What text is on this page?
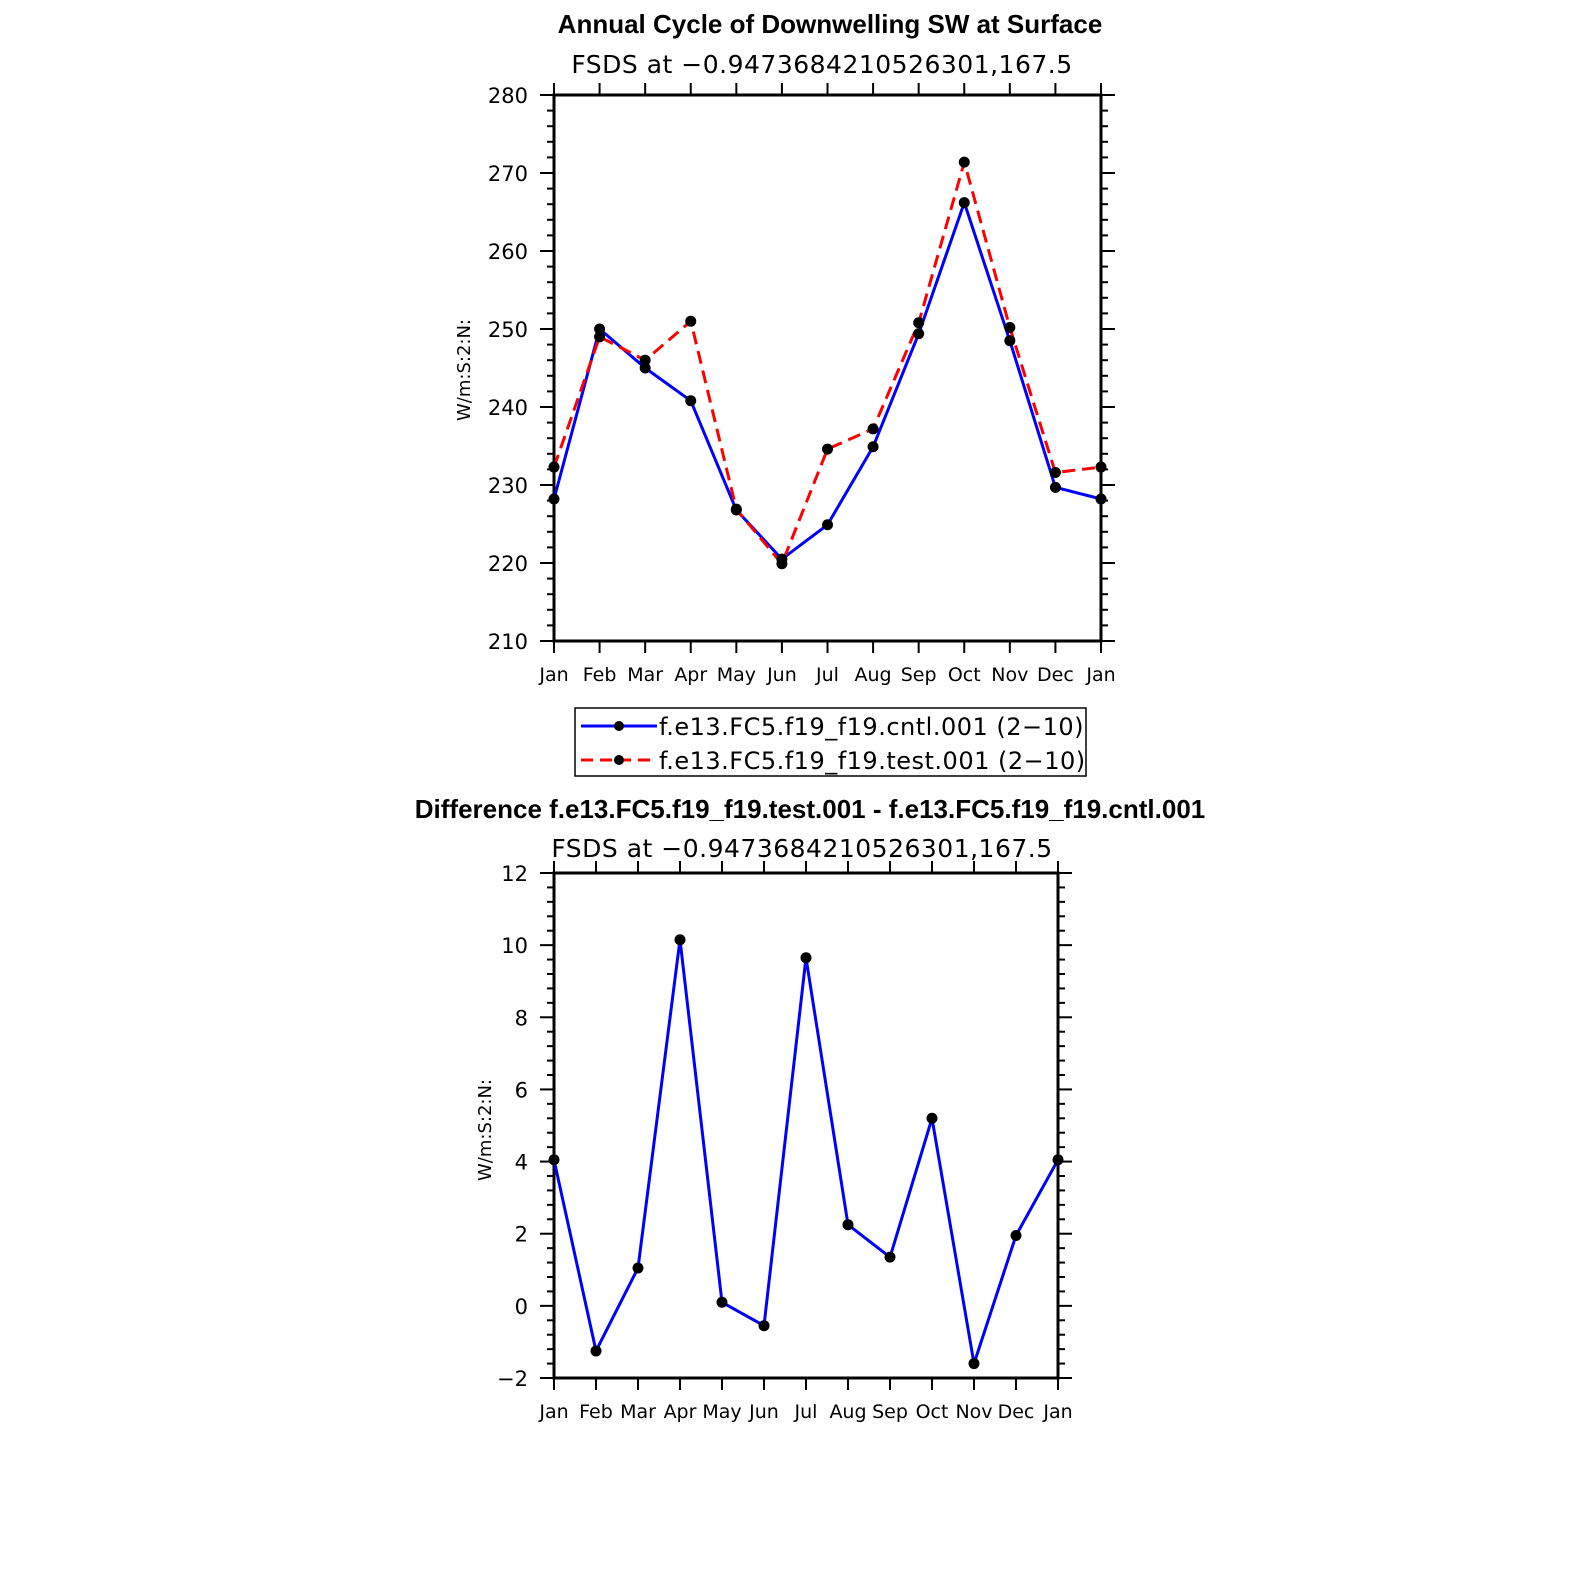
Annual Cycle of Downwelling SW at Surface
FSDS at −0.9473684210526301,167.5
W/m:S:2:N:
210
220
230
240
250
260
270
280
Jan Feb Mar Apr May Jun Jul Aug Sep Oct Nov Dec Jan
f.e13.FC5.f19_f19.cntl.001 (2−10)
f.e13.FC5.f19_f19.test.001 (2−10)
Difference f.e13.FC5.f19_f19.test.001 - f.e13.FC5.f19_f19.cntl.001
FSDS at −0.9473684210526301,167.5
W/m:S:2:N:
−2
0
2
4
6
8
10
12
Jan Feb Mar Apr May Jun Jul Aug Sep Oct Nov Dec Jan
